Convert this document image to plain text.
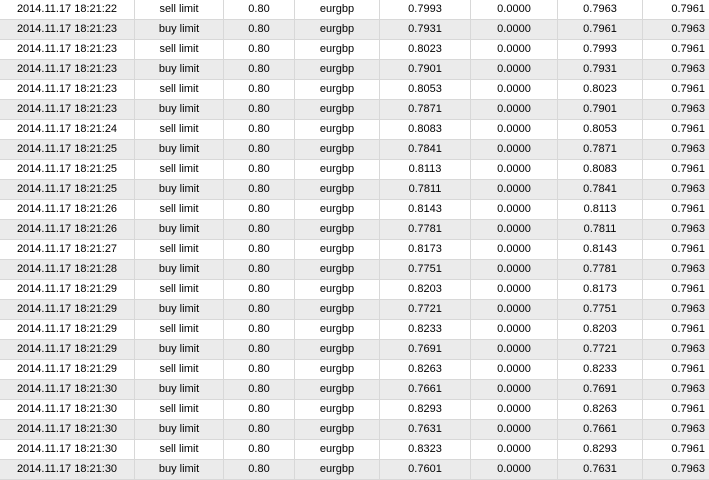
2014.11.17 18:21:22	sell limit	0.80	eurgbp	0.7993	0.0000	0.7963	0.7961
2014.11.17 18:21:23	buy limit	0.80	eurgbp	0.7931	0.0000	0.7961	0.7963
2014.11.17 18:21:23	sell limit	0.80	eurgbp	0.8023	0.0000	0.7993	0.7961
2014.11.17 18:21:23	buy limit	0.80	eurgbp	0.7901	0.0000	0.7931	0.7963
2014.11.17 18:21:23	sell limit	0.80	eurgbp	0.8053	0.0000	0.8023	0.7961
2014.11.17 18:21:23	buy limit	0.80	eurgbp	0.7871	0.0000	0.7901	0.7963
2014.11.17 18:21:24	sell limit	0.80	eurgbp	0.8083	0.0000	0.8053	0.7961
2014.11.17 18:21:25	buy limit	0.80	eurgbp	0.7841	0.0000	0.7871	0.7963
2014.11.17 18:21:25	sell limit	0.80	eurgbp	0.8113	0.0000	0.8083	0.7961
2014.11.17 18:21:25	buy limit	0.80	eurgbp	0.7811	0.0000	0.7841	0.7963
2014.11.17 18:21:26	sell limit	0.80	eurgbp	0.8143	0.0000	0.8113	0.7961
2014.11.17 18:21:26	buy limit	0.80	eurgbp	0.7781	0.0000	0.7811	0.7963
2014.11.17 18:21:27	sell limit	0.80	eurgbp	0.8173	0.0000	0.8143	0.7961
2014.11.17 18:21:28	buy limit	0.80	eurgbp	0.7751	0.0000	0.7781	0.7963
2014.11.17 18:21:29	sell limit	0.80	eurgbp	0.8203	0.0000	0.8173	0.7961
2014.11.17 18:21:29	buy limit	0.80	eurgbp	0.7721	0.0000	0.7751	0.7963
2014.11.17 18:21:29	sell limit	0.80	eurgbp	0.8233	0.0000	0.8203	0.7961
2014.11.17 18:21:29	buy limit	0.80	eurgbp	0.7691	0.0000	0.7721	0.7963
2014.11.17 18:21:29	sell limit	0.80	eurgbp	0.8263	0.0000	0.8233	0.7961
2014.11.17 18:21:30	buy limit	0.80	eurgbp	0.7661	0.0000	0.7691	0.7963
2014.11.17 18:21:30	sell limit	0.80	eurgbp	0.8293	0.0000	0.8263	0.7961
2014.11.17 18:21:30	buy limit	0.80	eurgbp	0.7631	0.0000	0.7661	0.7963
2014.11.17 18:21:30	sell limit	0.80	eurgbp	0.8323	0.0000	0.8293	0.7961
2014.11.17 18:21:30	buy limit	0.80	eurgbp	0.7601	0.0000	0.7631	0.7963
